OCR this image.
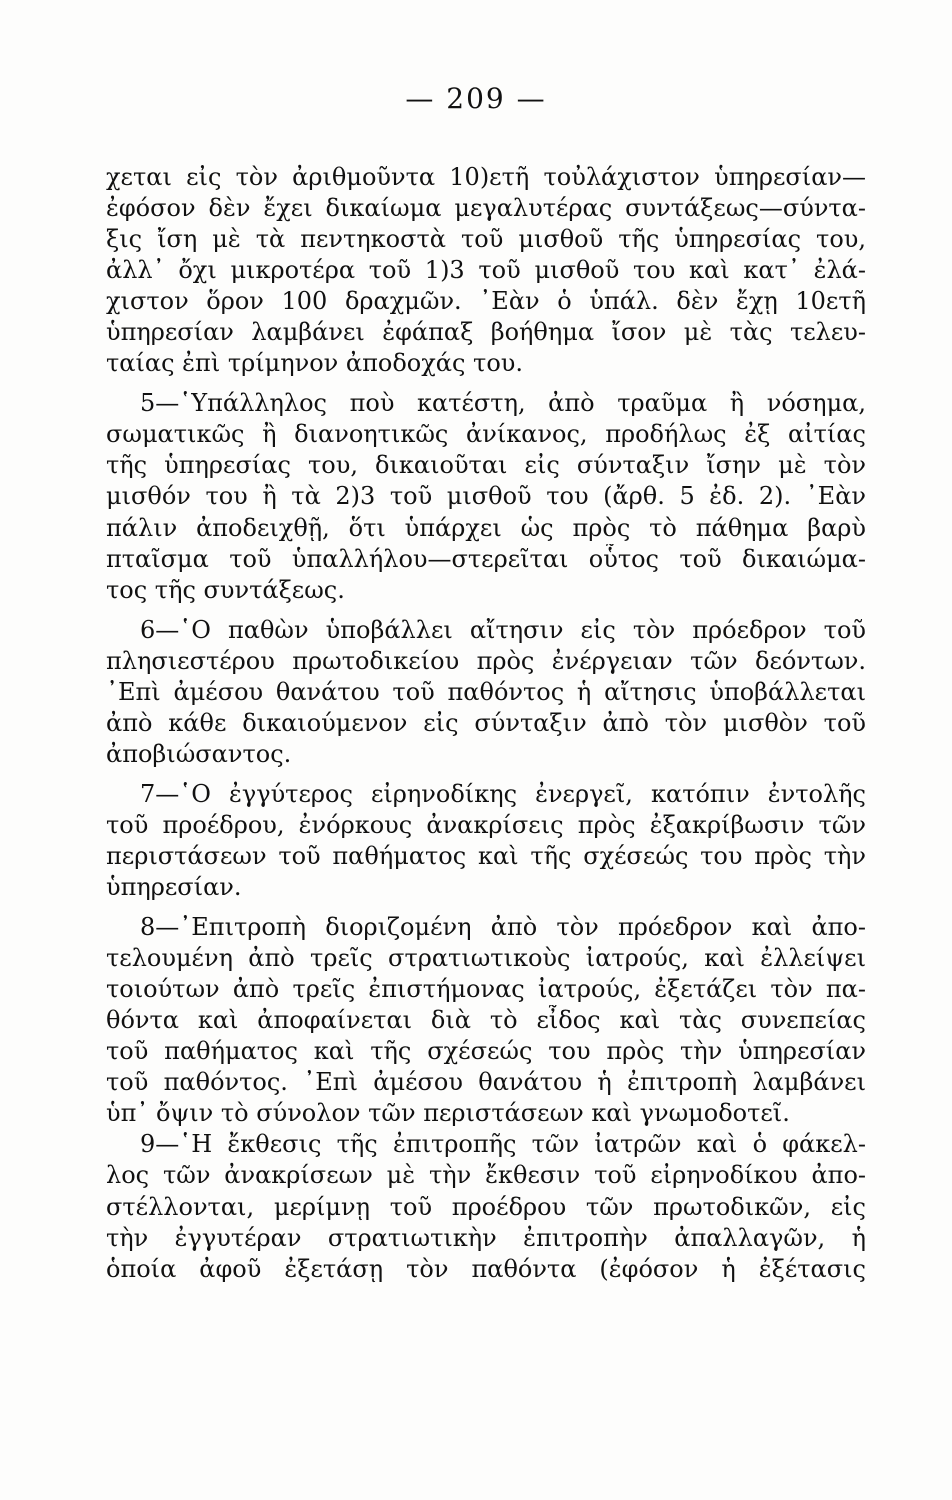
— 209 —
χεται εἰς τὸν ἀριθμοῦντα 10)ετῆ τοὐλάχιστον ὑπηρεσίαν—
ἐφόσον δὲν ἔχει δικαίωμα μεγαλυτέρας συντάξεως—σύντα-
ξις ἴση μὲ τὰ πεντηκοστὰ τοῦ μισθοῦ τῆς ὑπηρεσίας του,
ἀλλ᾽ ὄχι μικροτέρα τοῦ 1)3 τοῦ μισθοῦ του καὶ κατ᾽ ἐλά-
χιστον ὅρον 100 δραχμῶν. ᾽Εὰν ὁ ὑπάλ. δὲν ἔχῃ 10ετῆ
ὑπηρεσίαν λαμβάνει ἐφάπαξ βοήθημα ἴσον μὲ τὰς τελευ-
ταίας ἐπὶ τρίμηνον ἀποδοχάς του.
5—῾Υπάλληλος ποὺ κατέστη, ἀπὸ τραῦμα ἢ νόσημα,
σωματικῶς ἢ διανοητικῶς ἀνίκανος, προδήλως ἐξ αἰτίας
τῆς ὑπηρεσίας του, δικαιοῦται εἰς σύνταξιν ἴσην μὲ τὸν
μισθόν του ἢ τὰ 2)3 τοῦ μισθοῦ του (ἄρθ. 5 ἐδ. 2). ᾽Εὰν
πάλιν ἀποδειχθῇ, ὅτι ὑπάρχει ὡς πρὸς τὸ πάθημα βαρὺ
πταῖσμα τοῦ ὑπαλλήλου—στερεῖται οὗτος τοῦ δικαιώμα-
τος τῆς συντάξεως.
6—῾Ο παθὼν ὑποβάλλει αἴτησιν εἰς τὸν πρόεδρον τοῦ
πλησιεστέρου πρωτοδικείου πρὸς ἐνέργειαν τῶν δεόντων.
᾽Επὶ ἀμέσου θανάτου τοῦ παθόντος ἡ αἴτησις ὑποβάλλεται
ἀπὸ κάθε δικαιούμενον εἰς σύνταξιν ἀπὸ τὸν μισθὸν τοῦ
ἀποβιώσαντος.
7—῾Ο ἐγγύτερος εἰρηνοδίκης ἐνεργεῖ, κατόπιν ἐντολῆς
τοῦ προέδρου, ἐνόρκους ἀνακρίσεις πρὸς ἐξακρίβωσιν τῶν
περιστάσεων τοῦ παθήματος καὶ τῆς σχέσεώς του πρὸς τὴν
ὑπηρεσίαν.
8—᾽Επιτροπὴ διοριζομένη ἀπὸ τὸν πρόεδρον καὶ ἀπο-
τελουμένη ἀπὸ τρεῖς στρατιωτικοὺς ἰατρούς, καὶ ἐλλείψει
τοιούτων ἀπὸ τρεῖς ἐπιστήμονας ἰατρούς, ἐξετάζει τὸν πα-
θόντα καὶ ἀποφαίνεται διὰ τὸ εἶδος καὶ τὰς συνεπείας
τοῦ παθήματος καὶ τῆς σχέσεώς του πρὸς τὴν ὑπηρεσίαν
τοῦ παθόντος. ᾽Επὶ ἀμέσου θανάτου ἡ ἐπιτροπὴ λαμβάνει
ὑπ᾽ ὄψιν τὸ σύνολον τῶν περιστάσεων καὶ γνωμοδοτεῖ.
9—῾Η ἔκθεσις τῆς ἐπιτροπῆς τῶν ἰατρῶν καὶ ὁ φάκελ-
λος τῶν ἀνακρίσεων μὲ τὴν ἔκθεσιν τοῦ εἰρηνοδίκου ἀπο-
στέλλονται, μερίμνῃ τοῦ προέδρου τῶν πρωτοδικῶν, εἰς
τὴν ἐγγυτέραν στρατιωτικὴν ἐπιτροπὴν ἀπαλλαγῶν, ἡ
ὁποία ἀφοῦ ἐξετάσῃ τὸν παθόντα (ἐφόσον ἡ ἐξέτασις
